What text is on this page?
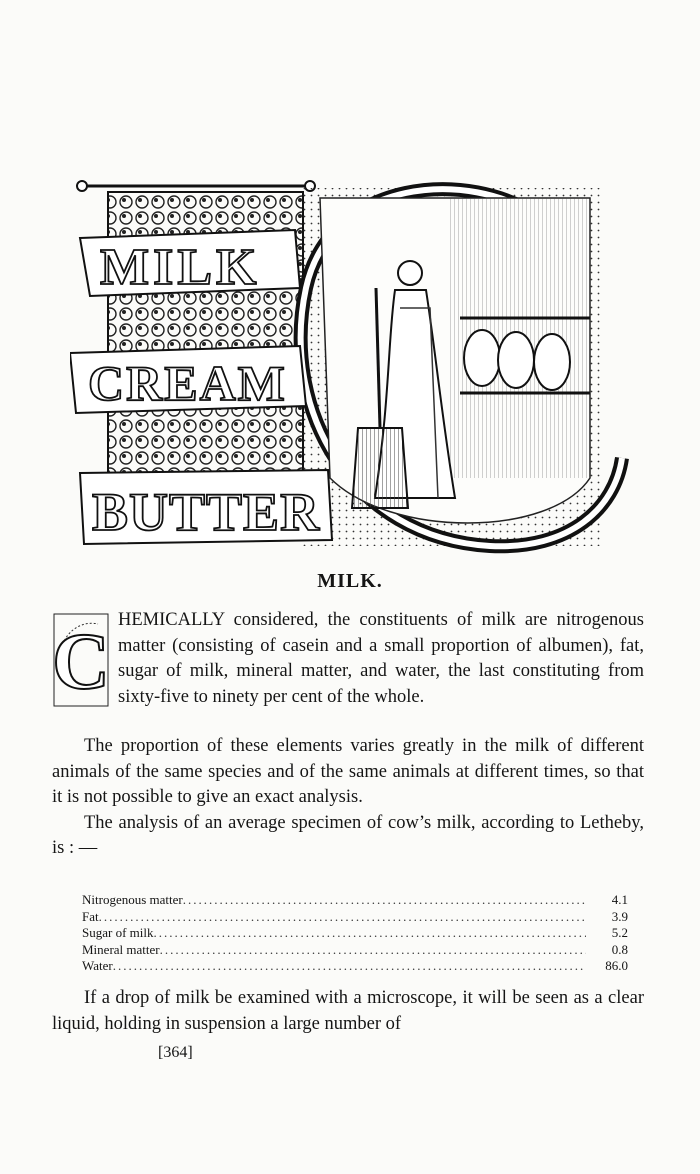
MILK
CREAM
BUTTER
MILK.
C HEMICALLY considered, the constituents of milk are nitrogenous matter (consisting of casein and a small proportion of albumen), fat, sugar of milk, mineral matter, and water, the last constituting from sixty-five to ninety per cent of the whole.

The proportion of these elements varies greatly in the milk of different animals of the same species and of the same animals at different times, so that it is not possible to give an exact analysis.

The analysis of an average specimen of cow’s milk, according to Letheby, is : —

Nitrogenous matter .....	4.1
Fat .....	3.9
Sugar of milk .....	5.2
Mineral matter .....	0.8
Water .....	86.0

If a drop of milk be examined with a microscope, it will be seen as a clear liquid, holding in suspension a large number of

[364]
